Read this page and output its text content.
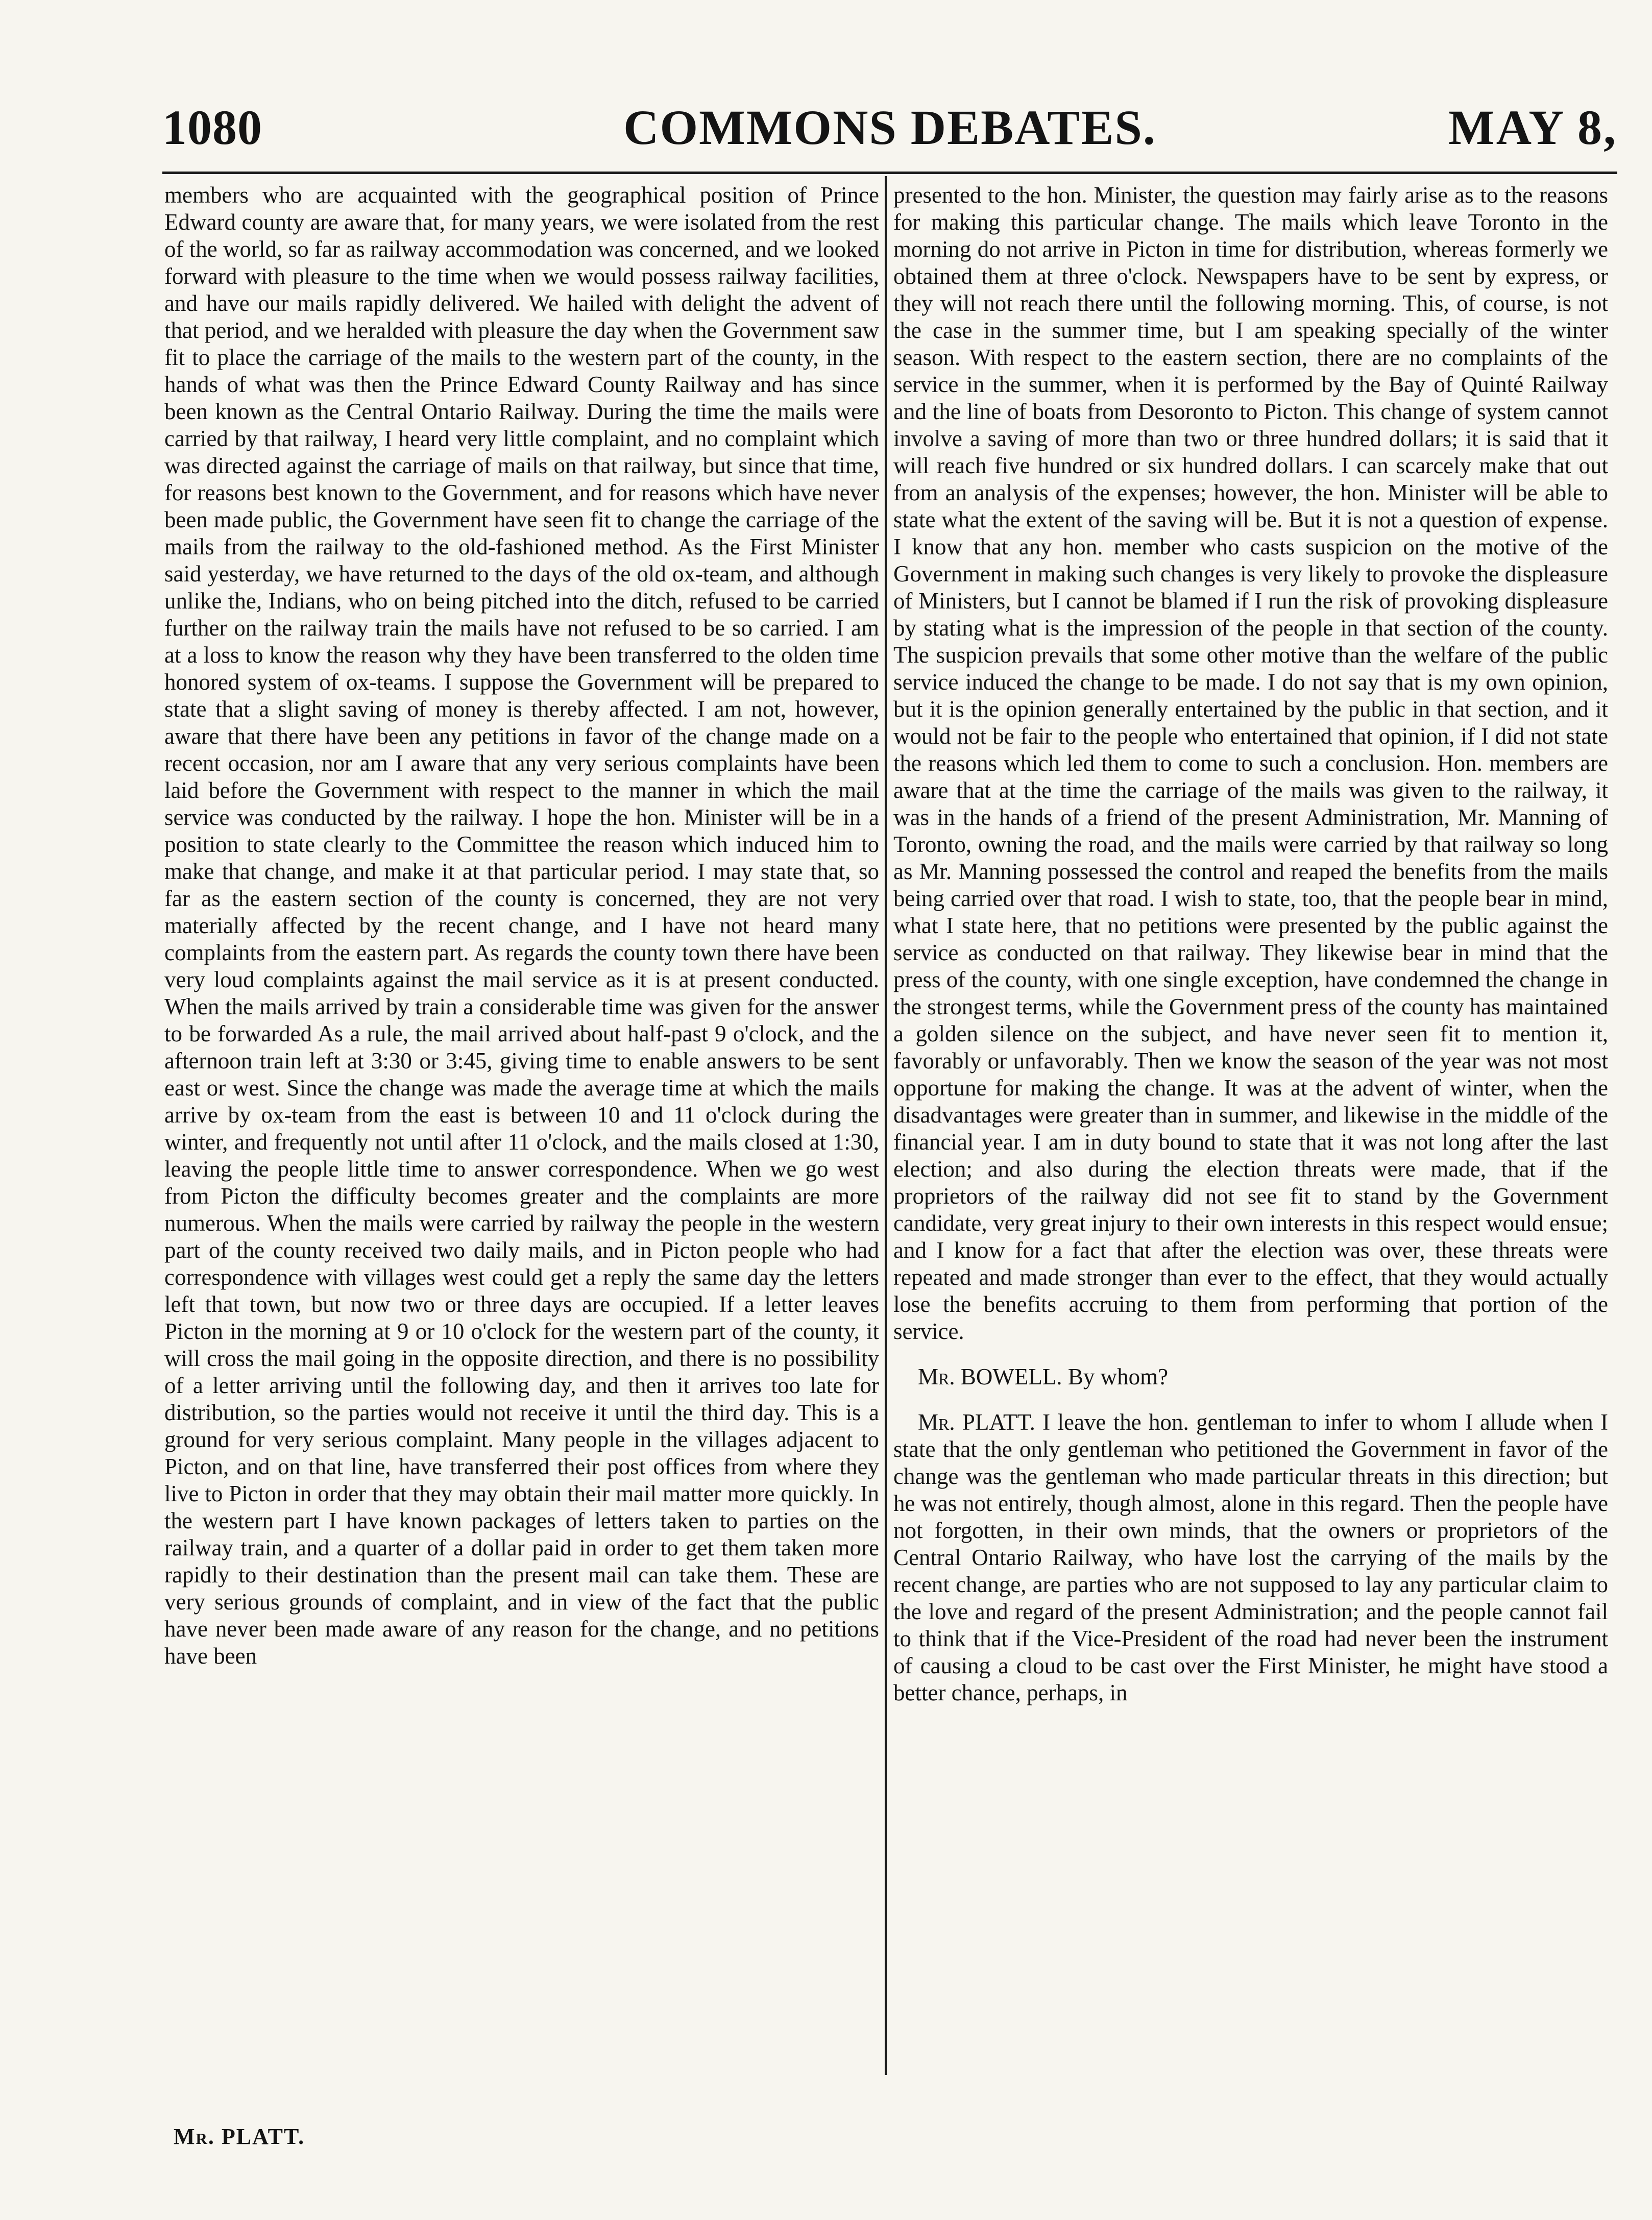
1080	COMMONS DEBATES.	MAY 8,

members who are acquainted with the geographical position of Prince Edward county are aware that, for many years, we were isolated from the rest of the world, so far as railway accommodation was concerned, and we looked forward with pleasure to the time when we would possess railway facilities, and have our mails rapidly delivered. We hailed with delight the advent of that period, and we heralded with pleasure the day when the Government saw fit to place the carriage of the mails to the western part of the county, in the hands of what was then the Prince Edward County Railway and has since been known as the Central Ontario Railway. During the time the mails were carried by that railway, I heard very little complaint, and no complaint which was directed against the carriage of mails on that railway, but since that time, for reasons best known to the Government, and for reasons which have never been made public, the Government have seen fit to change the carriage of the mails from the railway to the old-fashioned method. As the First Minister said yesterday, we have returned to the days of the old ox-team, and although unlike the, Indians, who on being pitched into the ditch, refused to be carried further on the railway train the mails have not refused to be so carried. I am at a loss to know the reason why they have been transferred to the olden time honored system of ox-teams. I suppose the Government will be prepared to state that a slight saving of money is thereby affected. I am not, however, aware that there have been any petitions in favor of the change made on a recent occasion, nor am I aware that any very serious complaints have been laid before the Government with respect to the manner in which the mail service was conducted by the railway. I hope the hon. Minister will be in a position to state clearly to the Committee the reason which induced him to make that change, and make it at that particular period. I may state that, so far as the eastern section of the county is concerned, they are not very materially affected by the recent change, and I have not heard many complaints from the eastern part. As regards the county town there have been very loud complaints against the mail service as it is at present conducted. When the mails arrived by train a considerable time was given for the answer to be forwarded As a rule, the mail arrived about half-past 9 o'clock, and the afternoon train left at 3:30 or 3:45, giving time to enable answers to be sent east or west. Since the change was made the average time at which the mails arrive by ox-team from the east is between 10 and 11 o'clock during the winter, and frequently not until after 11 o'clock, and the mails closed at 1:30, leaving the people little time to answer correspondence. When we go west from Picton the difficulty becomes greater and the complaints are more numerous. When the mails were carried by railway the people in the western part of the county received two daily mails, and in Picton people who had correspondence with villages west could get a reply the same day the letters left that town, but now two or three days are occupied. If a letter leaves Picton in the morning at 9 or 10 o'clock for the western part of the county, it will cross the mail going in the opposite direction, and there is no possibility of a letter arriving until the following day, and then it arrives too late for distribution, so the parties would not receive it until the third day. This is a ground for very serious complaint. Many people in the villages adjacent to Picton, and on that line, have transferred their post offices from where they live to Picton in order that they may obtain their mail matter more quickly. In the western part I have known packages of letters taken to parties on the railway train, and a quarter of a dollar paid in order to get them taken more rapidly to their destination than the present mail can take them. These are very serious grounds of complaint, and in view of the fact that the public have never been made aware of any reason for the change, and no petitions have been

presented to the hon. Minister, the question may fairly arise as to the reasons for making this particular change. The mails which leave Toronto in the morning do not arrive in Picton in time for distribution, whereas formerly we obtained them at three o'clock. Newspapers have to be sent by express, or they will not reach there until the following morning. This, of course, is not the case in the summer time, but I am speaking specially of the winter season. With respect to the eastern section, there are no complaints of the service in the summer, when it is performed by the Bay of Quinté Railway and the line of boats from Desoronto to Picton. This change of system cannot involve a saving of more than two or three hundred dollars; it is said that it will reach five hundred or six hundred dollars. I can scarcely make that out from an analysis of the expenses; however, the hon. Minister will be able to state what the extent of the saving will be. But it is not a question of expense. I know that any hon. member who casts suspicion on the motive of the Government in making such changes is very likely to provoke the displeasure of Ministers, but I cannot be blamed if I run the risk of provoking displeasure by stating what is the impression of the people in that section of the county. The suspicion prevails that some other motive than the welfare of the public service induced the change to be made. I do not say that is my own opinion, but it is the opinion generally entertained by the public in that section, and it would not be fair to the people who entertained that opinion, if I did not state the reasons which led them to come to such a conclusion. Hon. members are aware that at the time the carriage of the mails was given to the railway, it was in the hands of a friend of the present Administration, Mr. Manning of Toronto, owning the road, and the mails were carried by that railway so long as Mr. Manning possessed the control and reaped the benefits from the mails being carried over that road. I wish to state, too, that the people bear in mind, what I state here, that no petitions were presented by the public against the service as conducted on that railway. They likewise bear in mind that the press of the county, with one single exception, have condemned the change in the strongest terms, while the Government press of the county has maintained a golden silence on the subject, and have never seen fit to mention it, favorably or unfavorably. Then we know the season of the year was not most opportune for making the change. It was at the advent of winter, when the disadvantages were greater than in summer, and likewise in the middle of the financial year. I am in duty bound to state that it was not long after the last election; and also during the election threats were made, that if the proprietors of the railway did not see fit to stand by the Government candidate, very great injury to their own interests in this respect would ensue; and I know for a fact that after the election was over, these threats were repeated and made stronger than ever to the effect, that they would actually lose the benefits accruing to them from performing that portion of the service.

Mr. BOWELL. By whom?

Mr. PLATT. I leave the hon. gentleman to infer to whom I allude when I state that the only gentleman who petitioned the Government in favor of the change was the gentleman who made particular threats in this direction; but he was not entirely, though almost, alone in this regard. Then the people have not forgotten, in their own minds, that the owners or proprietors of the Central Ontario Railway, who have lost the carrying of the mails by the recent change, are parties who are not supposed to lay any particular claim to the love and regard of the present Administration; and the people cannot fail to think that if the Vice-President of the road had never been the instrument of causing a cloud to be cast over the First Minister, he might have stood a better chance, perhaps, in

Mr. PLATT.
